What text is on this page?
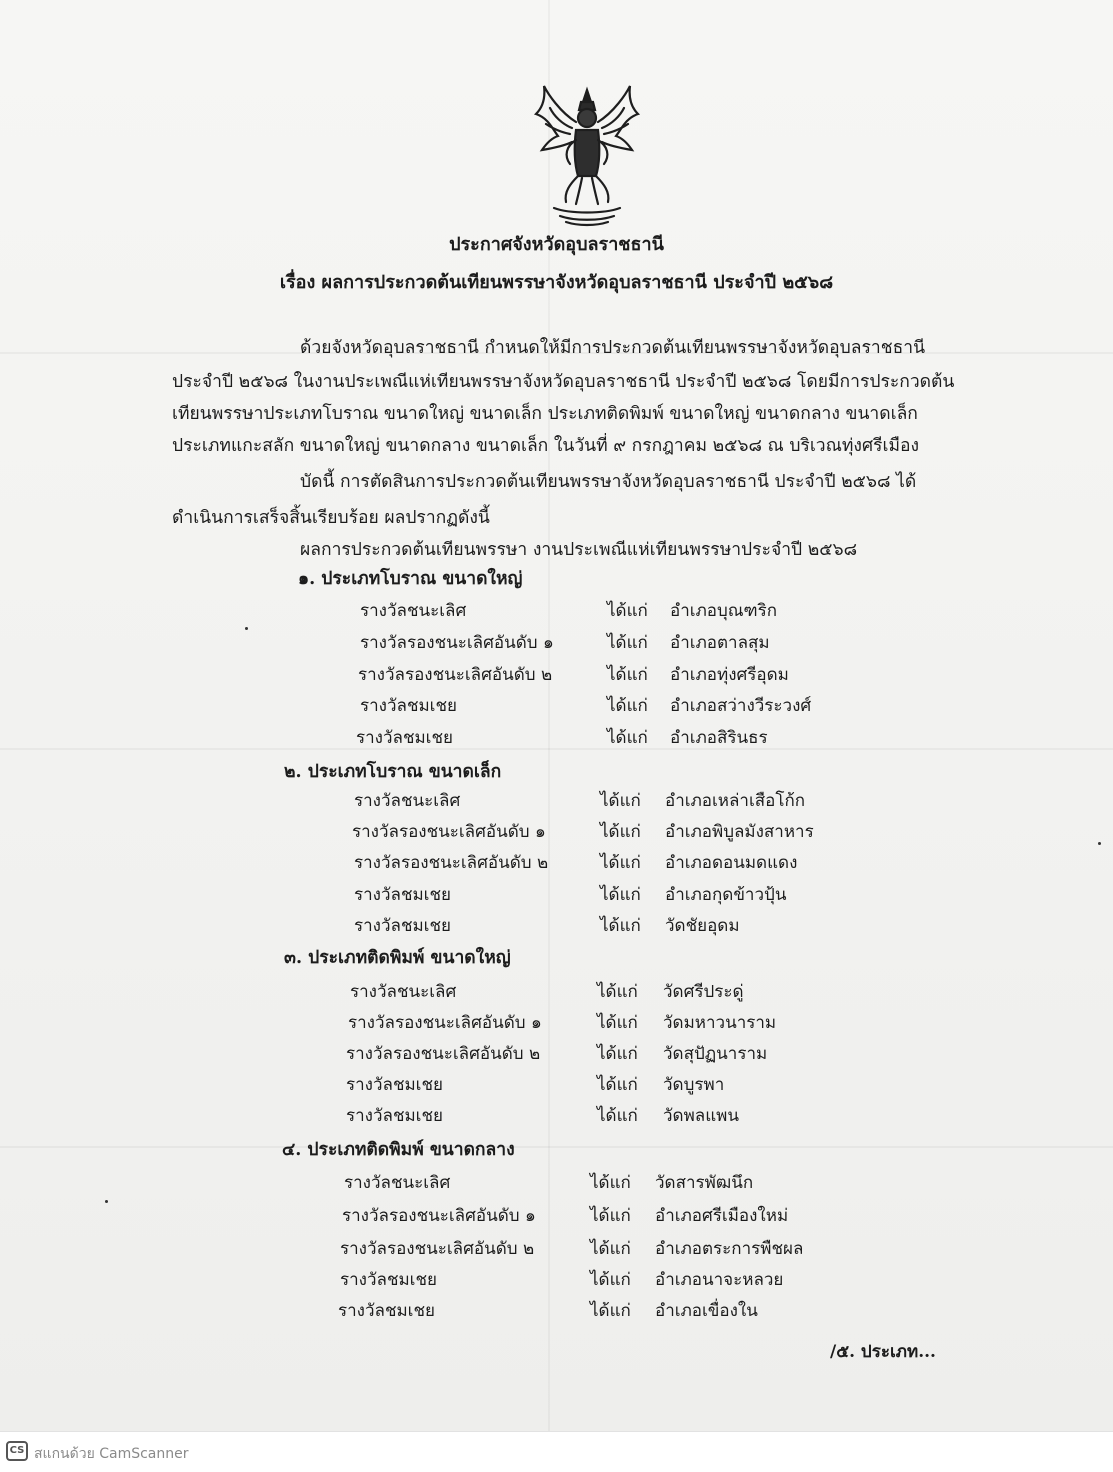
ประกาศจังหวัดอุบลราชธานี
เรื่อง ผลการประกวดต้นเทียนพรรษาจังหวัดอุบลราชธานี ประจำปี ๒๕๖๘
ด้วยจังหวัดอุบลราชธานี กำหนดให้มีการประกวดต้นเทียนพรรษาจังหวัดอุบลราชธานี
ประจำปี ๒๕๖๘ ในงานประเพณีแห่เทียนพรรษาจังหวัดอุบลราชธานี ประจำปี ๒๕๖๘ โดยมีการประกวดต้น
เทียนพรรษาประเภทโบราณ ขนาดใหญ่ ขนาดเล็ก ประเภทติดพิมพ์ ขนาดใหญ่ ขนาดกลาง ขนาดเล็ก
ประเภทแกะสลัก ขนาดใหญ่ ขนาดกลาง ขนาดเล็ก ในวันที่ ๙ กรกฎาคม ๒๕๖๘ ณ บริเวณทุ่งศรีเมือง
บัดนี้ การตัดสินการประกวดต้นเทียนพรรษาจังหวัดอุบลราชธานี ประจำปี ๒๕๖๘ ได้
ดำเนินการเสร็จสิ้นเรียบร้อย ผลปรากฏดังนี้
ผลการประกวดต้นเทียนพรรษา งานประเพณีแห่เทียนพรรษาประจำปี ๒๕๖๘
๑. ประเภทโบราณ ขนาดใหญ่
รางวัลชนะเลิศ	ได้แก่ อำเภอบุณฑริก
รางวัลรองชนะเลิศอันดับ ๑	ได้แก่ อำเภอตาลสุม
รางวัลรองชนะเลิศอันดับ ๒	ได้แก่ อำเภอทุ่งศรีอุดม
รางวัลชมเชย	ได้แก่ อำเภอสว่างวีระวงศ์
รางวัลชมเชย	ได้แก่ อำเภอสิรินธร
๒. ประเภทโบราณ ขนาดเล็ก
รางวัลชนะเลิศ	ได้แก่ อำเภอเหล่าเสือโก้ก
รางวัลรองชนะเลิศอันดับ ๑	ได้แก่ อำเภอพิบูลมังสาหาร
รางวัลรองชนะเลิศอันดับ ๒	ได้แก่ อำเภอดอนมดแดง
รางวัลชมเชย	ได้แก่ อำเภอกุดข้าวปุ้น
รางวัลชมเชย	ได้แก่ วัดชัยอุดม
๓. ประเภทติดพิมพ์ ขนาดใหญ่
รางวัลชนะเลิศ	ได้แก่ วัดศรีประดู่
รางวัลรองชนะเลิศอันดับ ๑	ได้แก่ วัดมหาวนาราม
รางวัลรองชนะเลิศอันดับ ๒	ได้แก่ วัดสุปัฏนาราม
รางวัลชมเชย	ได้แก่ วัดบูรพา
รางวัลชมเชย	ได้แก่ วัดพลแพน
๔. ประเภทติดพิมพ์ ขนาดกลาง
รางวัลชนะเลิศ	ได้แก่ วัดสารพัฒนึก
รางวัลรองชนะเลิศอันดับ ๑	ได้แก่ อำเภอศรีเมืองใหม่
รางวัลรองชนะเลิศอันดับ ๒	ได้แก่ อำเภอตระการพืชผล
รางวัลชมเชย	ได้แก่ อำเภอนาจะหลวย
รางวัลชมเชย	ได้แก่ อำเภอเขื่องใน
/๕. ประเภท...
CS สแกนด้วย CamScanner
